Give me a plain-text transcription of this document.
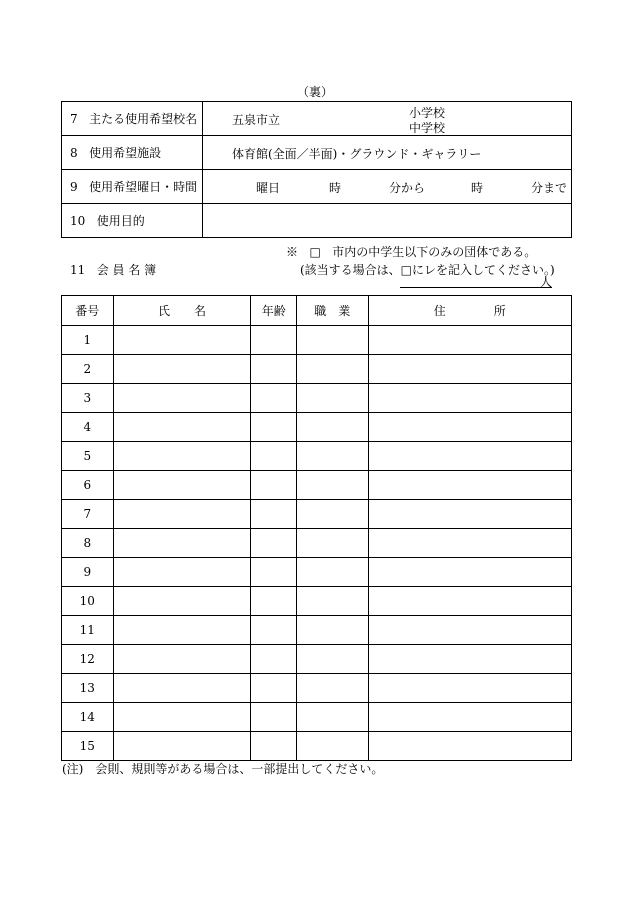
（裏）
7 主たる使用希望校名	五泉市立 小学校
中学校

8 使用希望施設	体育館(全面／半面)・グラウンド・ギャラリー

9 使用希望曜日・時間	曜日 時 分から 時 分まで

10 使用目的	
※ □ 市内の中学生以下のみの団体である。
11 会 員 名 簿	(該当する場合は、□にレを記入してください。)
人
番号	氏　　名	年齢	職　業	住　　　　所
1				
2				
3				
4				
5				
6				
7				
8				
9				
10				
11				
12				
13				
14				
15				
(注)　会則、規則等がある場合は、一部提出してください。
